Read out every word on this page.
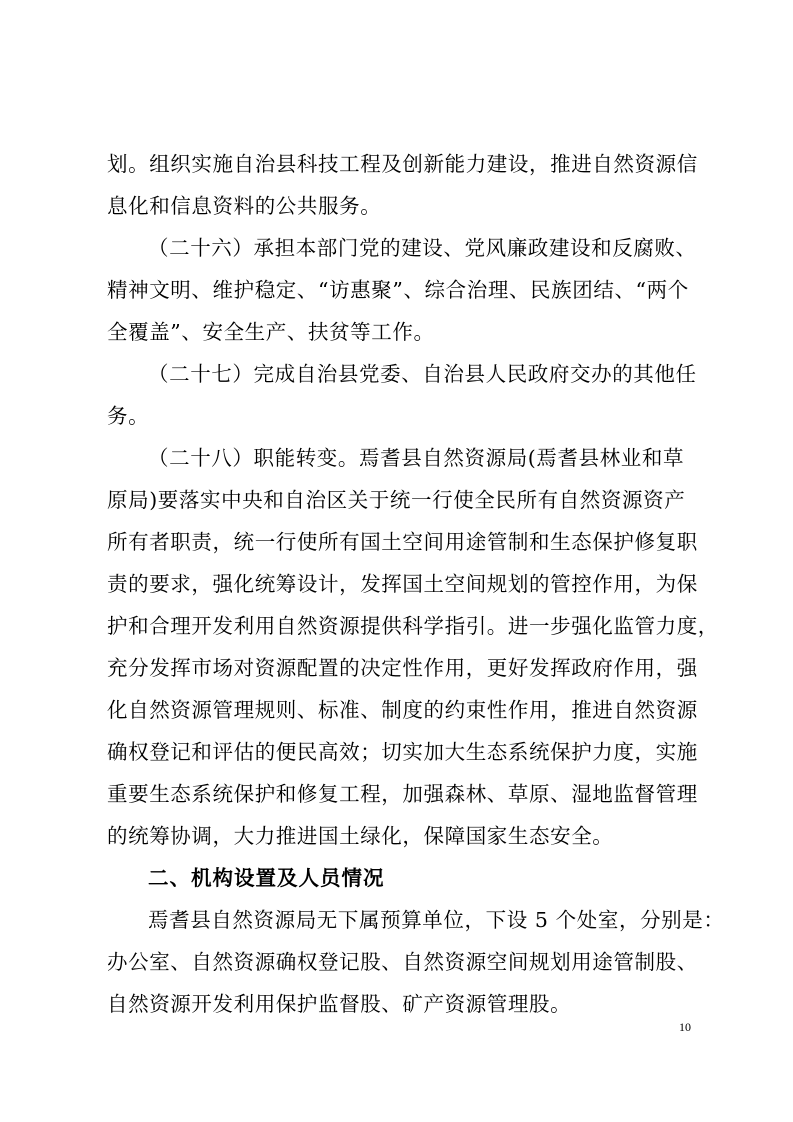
划。组织实施自治县科技工程及创新能力建设，推进自然资源信
息化和信息资料的公共服务。
（二十六）承担本部门党的建设、党风廉政建设和反腐败、
精神文明、维护稳定、“访惠聚”、综合治理、民族团结、“两个
全覆盖”、安全生产、扶贫等工作。
（二十七）完成自治县党委、自治县人民政府交办的其他任
务。
（二十八）职能转变。焉耆县自然资源局(焉耆县林业和草
原局)要落实中央和自治区关于统一行使全民所有自然资源资产
所有者职责，统一行使所有国土空间用途管制和生态保护修复职
责的要求，强化统筹设计，发挥国土空间规划的管控作用，为保
护和合理开发利用自然资源提供科学指引。进一步强化监管力度，
充分发挥市场对资源配置的决定性作用，更好发挥政府作用，强
化自然资源管理规则、标准、制度的约束性作用，推进自然资源
确权登记和评估的便民高效；切实加大生态系统保护力度，实施
重要生态系统保护和修复工程，加强森林、草原、湿地监督管理
的统筹协调，大力推进国土绿化，保障国家生态安全。
二、机构设置及人员情况
焉耆县自然资源局无下属预算单位，下设 5 个处室，分别是：
办公室、自然资源确权登记股、自然资源空间规划用途管制股、
自然资源开发利用保护监督股、矿产资源管理股。
10
